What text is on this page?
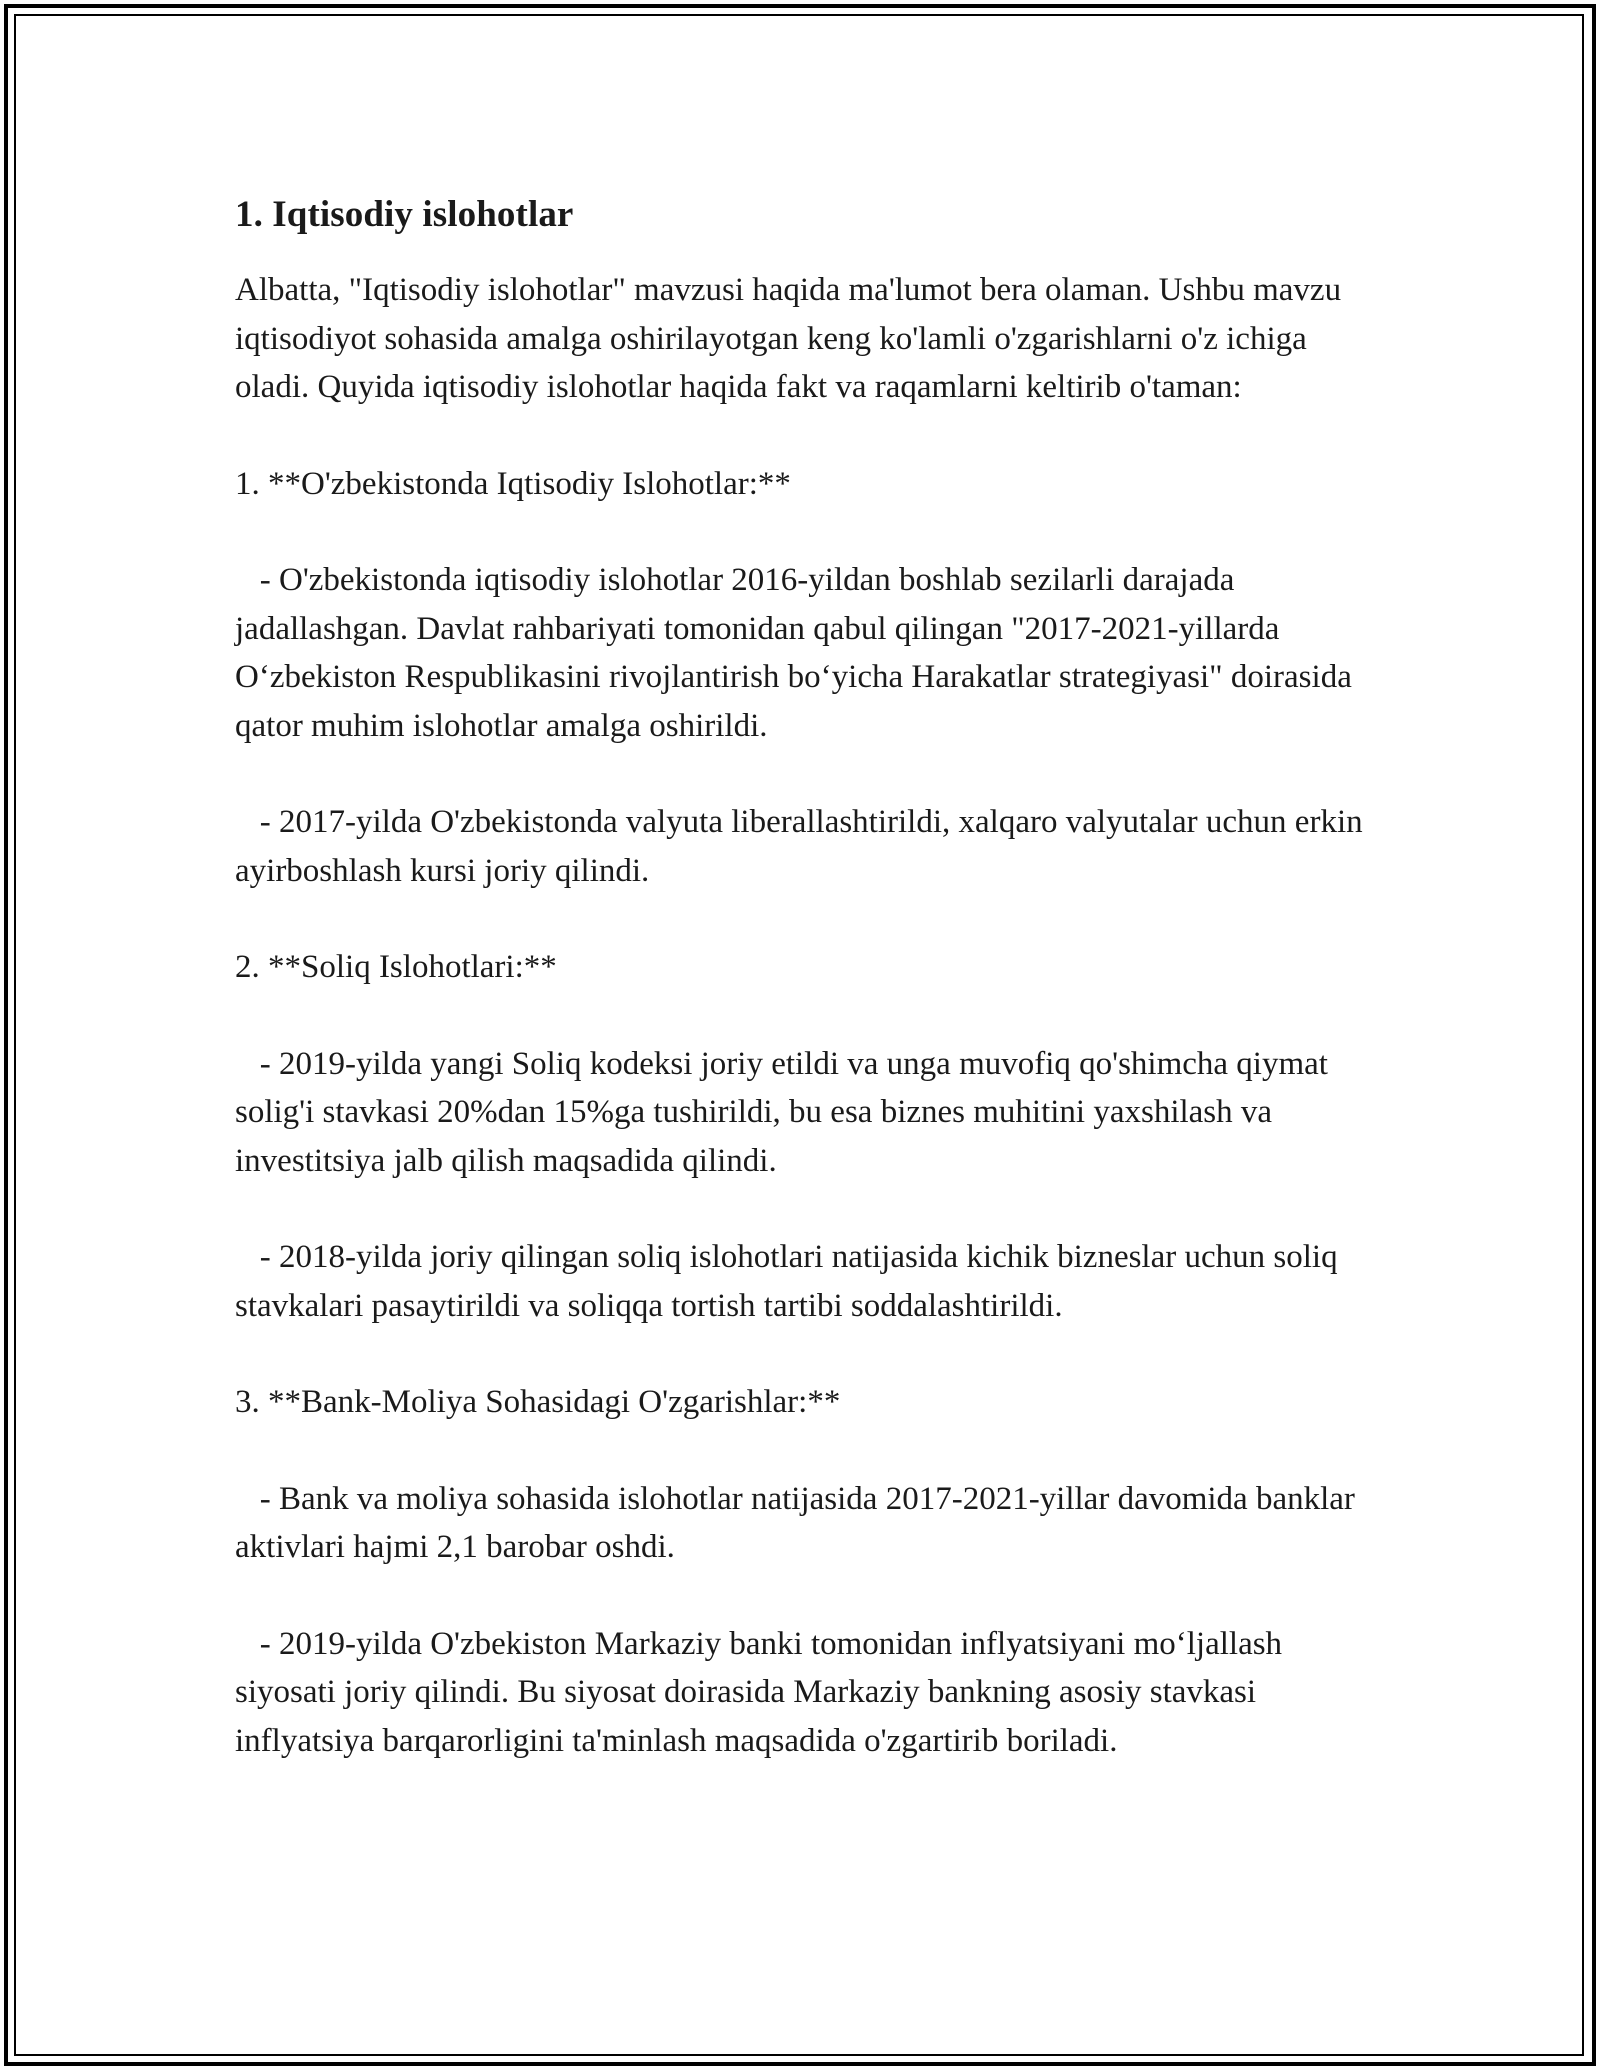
1. Iqtisodiy islohotlar

Albatta, "Iqtisodiy islohotlar" mavzusi haqida ma'lumot bera olaman. Ushbu mavzu iqtisodiyot sohasida amalga oshirilayotgan keng ko'lamli o'zgarishlarni o'z ichiga oladi. Quyida iqtisodiy islohotlar haqida fakt va raqamlarni keltirib o'taman:

1. **O'zbekistonda Iqtisodiy Islohotlar:**

- O'zbekistonda iqtisodiy islohotlar 2016-yildan boshlab sezilarli darajada jadallashgan. Davlat rahbariyati tomonidan qabul qilingan "2017-2021-yillarda O‘zbekiston Respublikasini rivojlantirish bo‘yicha Harakatlar strategiyasi" doirasida qator muhim islohotlar amalga oshirildi.

- 2017-yilda O'zbekistonda valyuta liberallashtirildi, xalqaro valyutalar uchun erkin ayirboshlash kursi joriy qilindi.

2. **Soliq Islohotlari:**

- 2019-yilda yangi Soliq kodeksi joriy etildi va unga muvofiq qo'shimcha qiymat solig'i stavkasi 20%dan 15%ga tushirildi, bu esa biznes muhitini yaxshilash va investitsiya jalb qilish maqsadida qilindi.

- 2018-yilda joriy qilingan soliq islohotlari natijasida kichik bizneslar uchun soliq stavkalari pasaytirildi va soliqqa tortish tartibi soddalashtirildi.

3. **Bank-Moliya Sohasidagi O'zgarishlar:**

- Bank va moliya sohasida islohotlar natijasida 2017-2021-yillar davomida banklar aktivlari hajmi 2,1 barobar oshdi.

- 2019-yilda O'zbekiston Markaziy banki tomonidan inflyatsiyani mo‘ljallash siyosati joriy qilindi. Bu siyosat doirasida Markaziy bankning asosiy stavkasi inflyatsiya barqarorligini ta'minlash maqsadida o'zgartirib boriladi.
